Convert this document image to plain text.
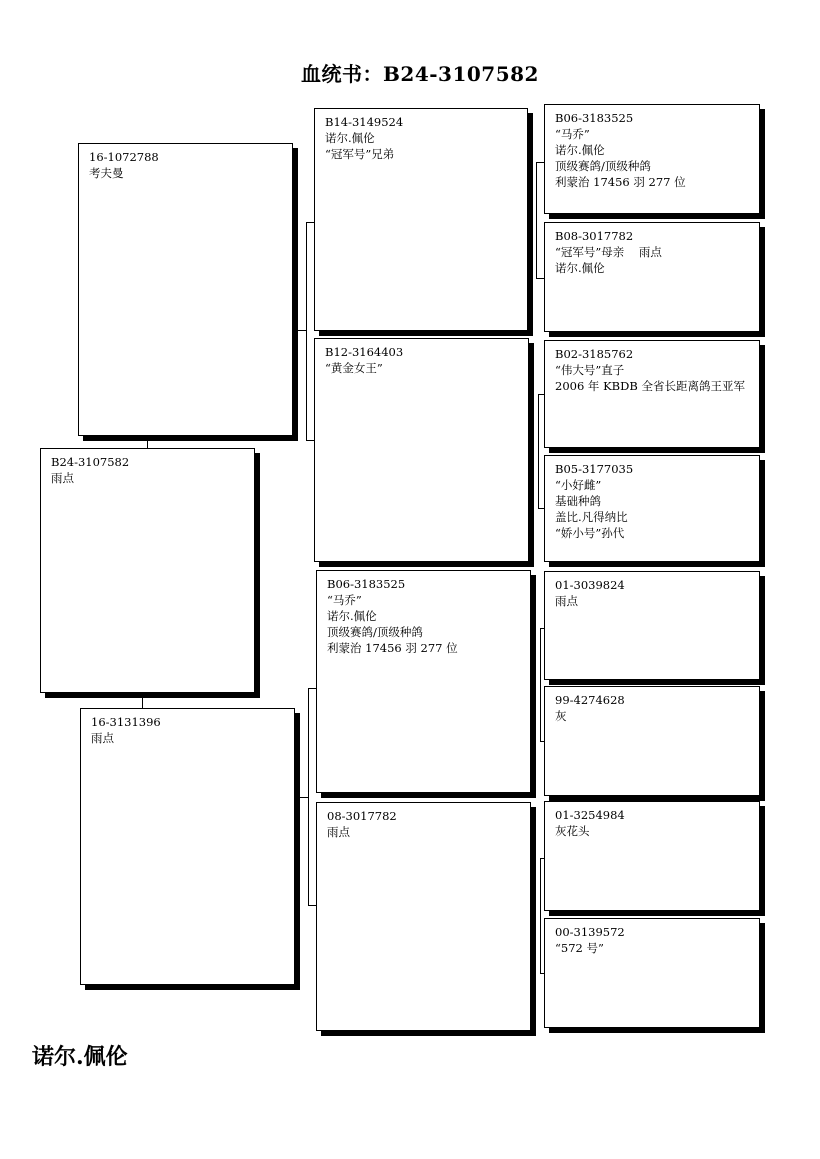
血统书：B24-3107582
16-1072788
考夫曼
B24-3107582
雨点
16-3131396
雨点
B14-3149524
诺尔.佩伦
“冠军号”兄弟
B12-3164403
“黄金女王”
B06-3183525
“马乔”
诺尔.佩伦
顶级赛鸽/顶级种鸽
利蒙治 17456 羽 277 位
08-3017782
雨点
B06-3183525
“马乔”
诺尔.佩伦
顶级赛鸽/顶级种鸽
利蒙治 17456 羽 277 位
B08-3017782
“冠军号”母亲    雨点
诺尔.佩伦
B02-3185762
“伟大号”直子
2006 年 KBDB 全省长距离鸽王亚军
B05-3177035
“小好雌”
基础种鸽
盖比.凡得纳比
“娇小号”孙代
01-3039824
雨点
99-4274628
灰
01-3254984
灰花头
00-3139572
“572 号”
诺尔.佩伦
